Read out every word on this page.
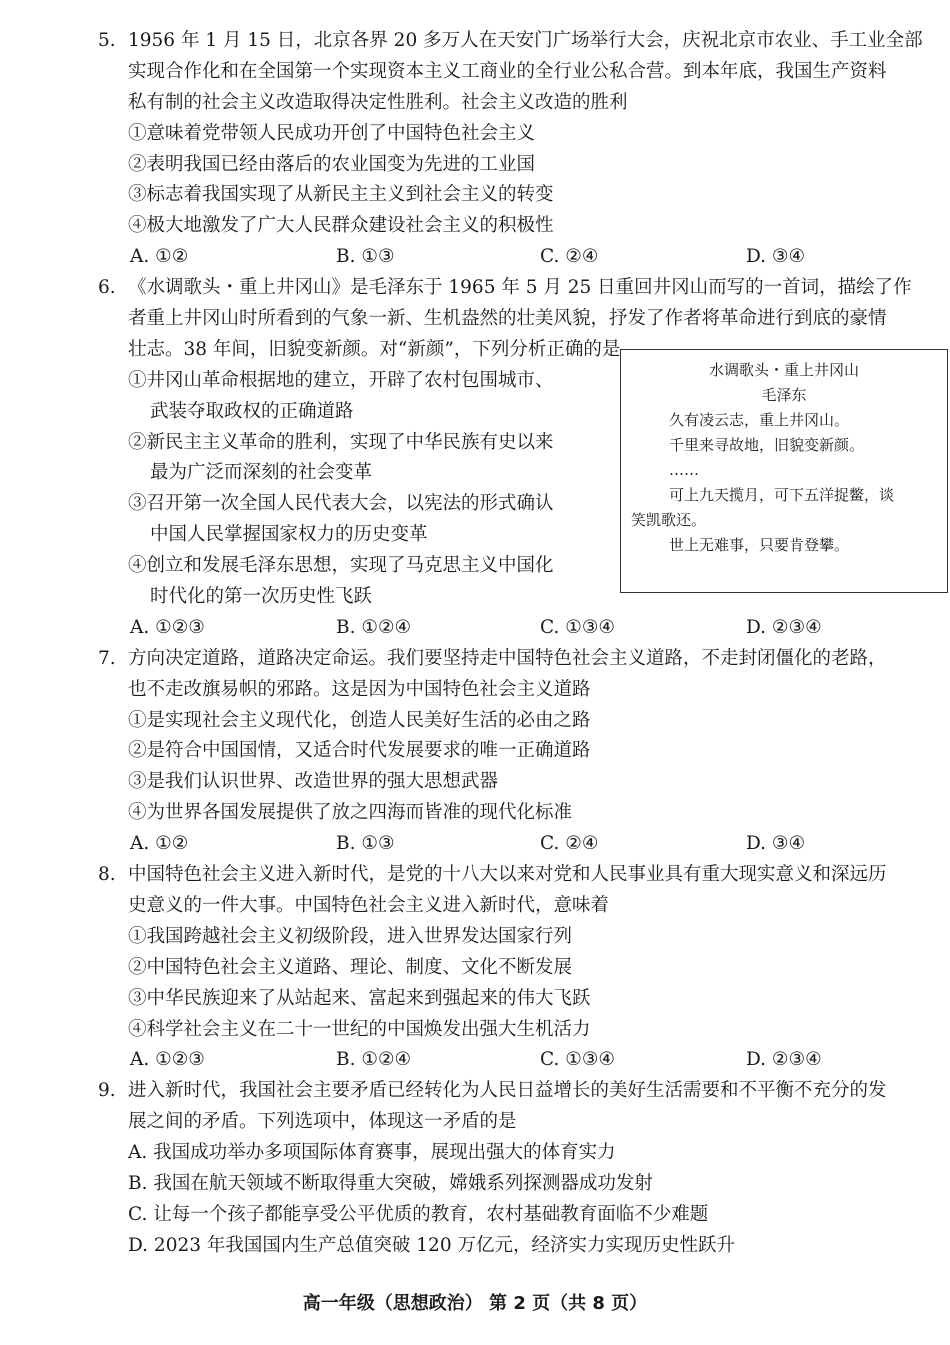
5. 1956 年 1 月 15 日，北京各界 20 多万人在天安门广场举行大会，庆祝北京市农业、手工业全部
实现合作化和在全国第一个实现资本主义工商业的全行业公私合营。到本年底，我国生产资料
私有制的社会主义改造取得决定性胜利。社会主义改造的胜利
①意味着党带领人民成功开创了中国特色社会主义
②表明我国已经由落后的农业国变为先进的工业国
③标志着我国实现了从新民主主义到社会主义的转变
④极大地激发了广大人民群众建设社会主义的积极性
A. ①②	B. ①③	C. ②④	D. ③④
6. 《水调歌头・重上井冈山》是毛泽东于 1965 年 5 月 25 日重回井冈山而写的一首词，描绘了作
者重上井冈山时所看到的气象一新、生机盎然的壮美风貌，抒发了作者将革命进行到底的豪情
壮志。38 年间，旧貌变新颜。对“新颜”，下列分析正确的是
①井冈山革命根据地的建立，开辟了农村包围城市、
武装夺取政权的正确道路
②新民主主义革命的胜利，实现了中华民族有史以来
最为广泛而深刻的社会变革
③召开第一次全国人民代表大会，以宪法的形式确认
中国人民掌握国家权力的历史变革
④创立和发展毛泽东思想，实现了马克思主义中国化
时代化的第一次历史性飞跃
A. ①②③	B. ①②④	C. ①③④	D. ②③④
7. 方向决定道路，道路决定命运。我们要坚持走中国特色社会主义道路，不走封闭僵化的老路，
也不走改旗易帜的邪路。这是因为中国特色社会主义道路
①是实现社会主义现代化，创造人民美好生活的必由之路
②是符合中国国情，又适合时代发展要求的唯一正确道路
③是我们认识世界、改造世界的强大思想武器
④为世界各国发展提供了放之四海而皆准的现代化标准
A. ①②	B. ①③	C. ②④	D. ③④
8. 中国特色社会主义进入新时代，是党的十八大以来对党和人民事业具有重大现实意义和深远历
史意义的一件大事。中国特色社会主义进入新时代，意味着
①我国跨越社会主义初级阶段，进入世界发达国家行列
②中国特色社会主义道路、理论、制度、文化不断发展
③中华民族迎来了从站起来、富起来到强起来的伟大飞跃
④科学社会主义在二十一世纪的中国焕发出强大生机活力
A. ①②③	B. ①②④	C. ①③④	D. ②③④
9. 进入新时代，我国社会主要矛盾已经转化为人民日益增长的美好生活需要和不平衡不充分的发
展之间的矛盾。下列选项中，体现这一矛盾的是
A. 我国成功举办多项国际体育赛事，展现出强大的体育实力
B. 我国在航天领域不断取得重大突破，嫦娥系列探测器成功发射
C. 让每一个孩子都能享受公平优质的教育，农村基础教育面临不少难题
D. 2023 年我国国内生产总值突破 120 万亿元，经济实力实现历史性跃升
水调歌头・重上井冈山
毛泽东
久有凌云志，重上井冈山。
千里来寻故地，旧貌变新颜。
……
可上九天揽月，可下五洋捉鳖，谈
笑凯歌还。
世上无难事，只要肯登攀。
高一年级（思想政治） 第 2 页（共 8 页）
